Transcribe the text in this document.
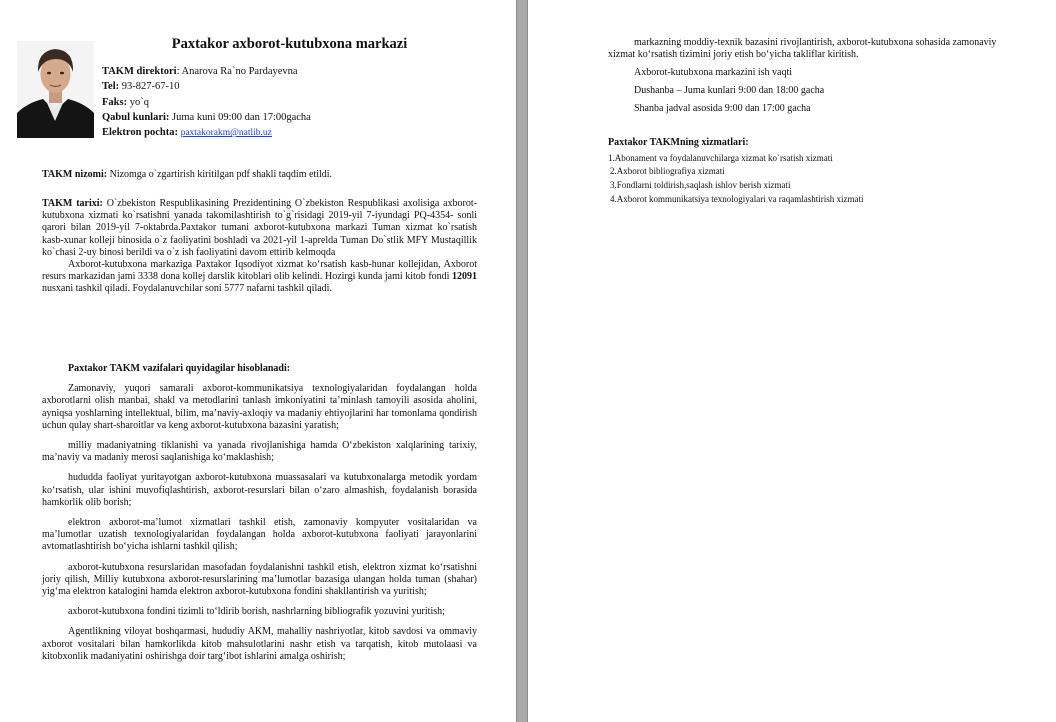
Paxtakor axborot-kutubxona markazi
TAKM direktori: Anarova Ra`no Pardayevna
Tel: 93-827-67-10
Faks: yo`q
Qabul kunlari: Juma kuni 09:00 dan 17:00gacha
Elektron pochta: paxtakorakm@natlib.uz

TAKM nizomi: Nizomga o`zgartirish kiritilgan pdf shakli taqdim etildi.

TAKM tarixi: O`zbekiston Respublikasining Prezidentining O`zbekiston Respublikasi axolisiga axborot-kutubxona xizmati ko`rsatishni yanada takomilashtirish to`g`risidagi 2019-yil 7-iyundagi PQ-4354- sonli qarori bilan 2019-yil 7-oktabrda.Paxtakor tumani axborot-kutubxona markazi Tuman xizmat ko`rsatish kasb-xunar kolleji binosida o`z faoliyatini boshladi va 2021-yil 1-aprelda Tuman Do`stlik MFY Mustaqillik ko`chasi 2-uy binosi berildi va o`z ish faoliyatini davom ettirib kelmoqda

Axborot-kutubxona markaziga Paxtakor Iqsodiyot xizmat ko‘rsatish kasb-hunar kollejidan, Axborot resurs markazidan jami 3338 dona kollej darslik kitoblari olib kelindi. Hozirgi kunda jami kitob fondi 12091 nusxani tashkil qiladi. Foydalanuvchilar soni 5777 nafarni tashkil qiladi.

Paxtakor TAKM vazifalari quyidagilar hisoblanadi:

Zamonaviy, yuqori samarali axborot-kommunikatsiya texnologiyalaridan foydalangan holda axborotlarni olish manbai, shakl va metodlarini tanlash imkoniyatini ta’minlash tamoyili asosida aholini, ayniqsa yoshlarning intellektual, bilim, ma’naviy-axloqiy va madaniy ehtiyojlarini har tomonlama qondirish uchun qulay shart-sharoitlar va keng axborot-kutubxona bazasini yaratish;

milliy madaniyatning tiklanishi va yanada rivojlanishiga hamda O‘zbekiston xalqlarining tarixiy, ma’naviy va madaniy merosi saqlanishiga ko‘maklashish;

hududda faoliyat yuritayotgan axborot-kutubxona muassasalari va kutubxonalarga metodik yordam ko‘rsatish, ular ishini muvofiqlashtirish, axborot-resurslari bilan o‘zaro almashish, foydalanish borasida hamkorlik olib borish;

elektron axborot-ma’lumot xizmatlari tashkil etish, zamonaviy kompyuter vositalaridan va ma’lumotlar uzatish texnologiyalaridan foydalangan holda axborot-kutubxona faoliyati jarayonlarini avtomatlashtirish bo‘yicha ishlarni tashkil qilish;

axborot-kutubxona resurslaridan masofadan foydalanishni tashkil etish, elektron xizmat ko‘rsatishni joriy qilish, Milliy kutubxona axborot-resurslarining ma’lumotlar bazasiga ulangan holda tuman (shahar) yig‘ma elektron katalogini hamda elektron axborot-kutubxona fondini shakllantirish va yuritish;

axborot-kutubxona fondini tizimli to‘ldirib borish, nashrlarning bibliografik yozuvini yuritish;

Agentlikning viloyat boshqarmasi, hududiy AKM, mahalliy nashriyotlar, kitob savdosi va ommaviy axborot vositalari bilan hamkorlikda kitob mahsulotlarini nashr etish va tarqatish, kitob mutolaasi va kitobxonlik madaniyatini oshirishga doir targ‘ibot ishlarini amalga oshirish;

markazning moddiy-texnik bazasini rivojlantirish, axborot-kutubxona sohasida zamonaviy
xizmat ko‘rsatish tizimini joriy etish bo‘yicha takliflar kiritish.
Axborot-kutubxona markazini ish vaqti
Dushanba – Juma kunlari 9:00 dan 18:00 gacha
Shanba jadval asosida 9:00 dan 17:00 gacha
Paxtakor TAKMning xizmatlari:
1.Abonament va foydalanuvchilarga xizmat ko`rsatish xizmati
2.Axborot bibliografiya xizmati
3.Fondlarni toldirish,saqlash ishlov berish xizmati
4.Axborot kommunikatsiya texnologiyalari va raqamlashtirish xizmati
